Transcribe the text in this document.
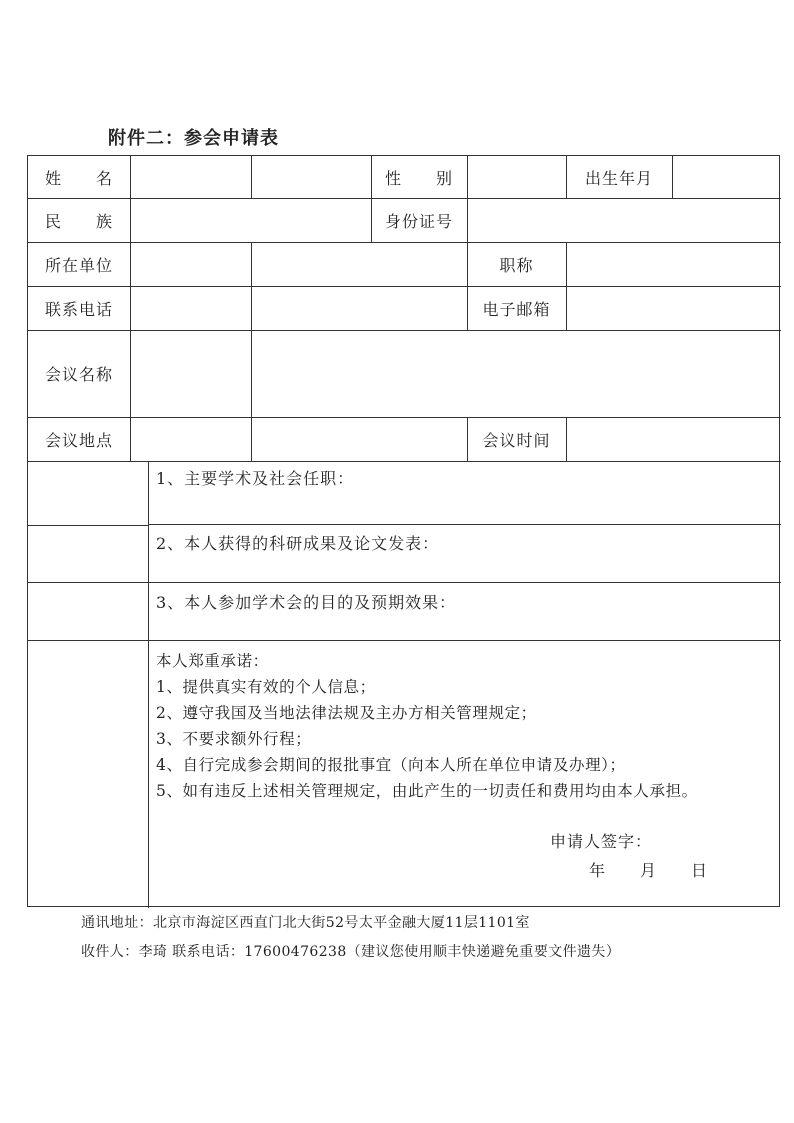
附件二：参会申请表
姓　　名	性　　别	出生年月
民　　族	身份证号
所在单位	职称
联系电话	电子邮箱
会议名称
会议地点	会议时间
1、主要学术及社会任职：
2、本人获得的科研成果及论文发表：
3、本人参加学术会的目的及预期效果：
本人郑重承诺：
1、提供真实有效的个人信息；
2、遵守我国及当地法律法规及主办方相关管理规定；
3、不要求额外行程；
4、自行完成参会期间的报批事宜（向本人所在单位申请及办理）；
5、如有违反上述相关管理规定，由此产生的一切责任和费用均由本人承担。
申请人签字：
年　　月　　日
通讯地址：北京市海淀区西直门北大街52号太平金融大厦11层1101室
收件人：李琦 联系电话：17600476238（建议您使用顺丰快递避免重要文件遗失）
